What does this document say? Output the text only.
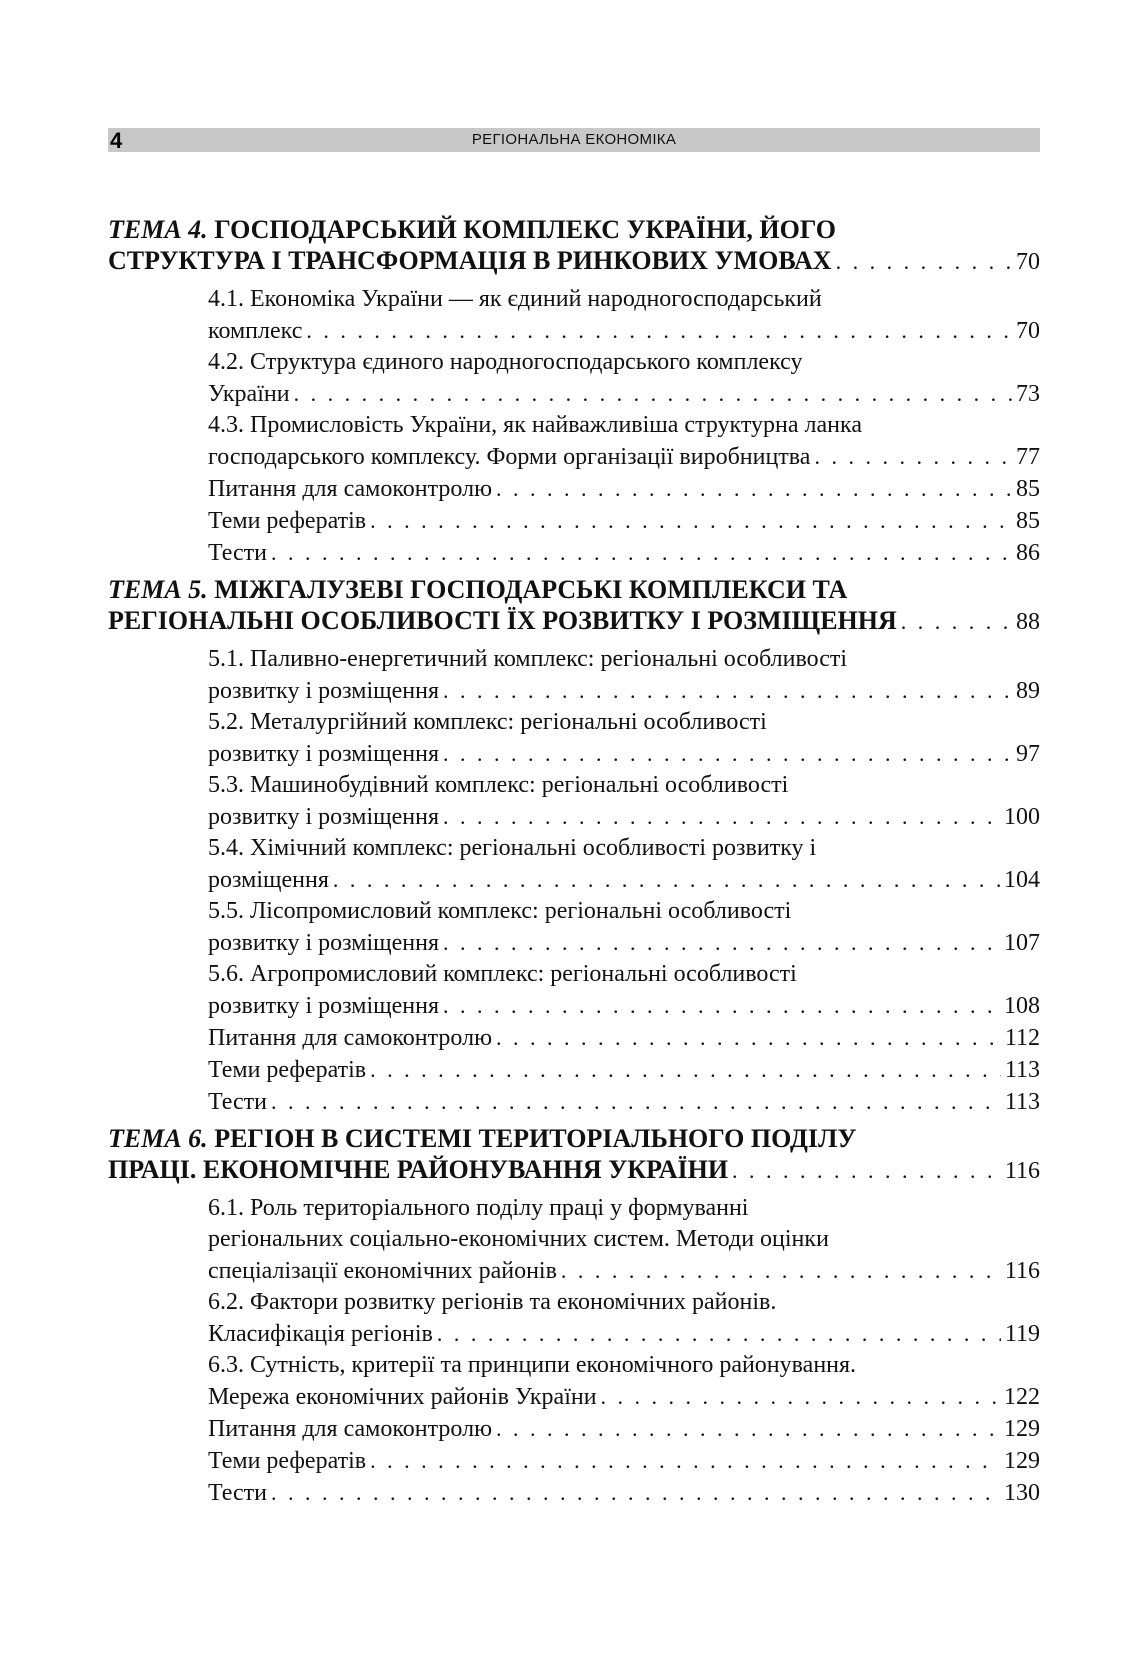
4	РЕГІОНАЛЬНА ЕКОНОМІКА
ТЕМА 4. ГОСПОДАРСЬКИЙ КОМПЛЕКС УКРАЇНИ, ЙОГО
СТРУКТУРА І ТРАНСФОРМАЦІЯ В РИНКОВИХ УМОВАХ . . .	70
4.1. Економіка України — як єдиний народногосподарський
комплекс . . .	70
4.2. Структура єдиного народногосподарського комплексу
України . . .	73
4.3. Промисловість України, як найважливіша структурна ланка
господарського комплексу. Форми організації виробництва . . .	77
Питання для самоконтролю . . .	85
Теми рефератів . . .	85
Тести . . .	86
ТЕМА 5. МІЖГАЛУЗЕВІ ГОСПОДАРСЬКІ КОМПЛЕКСИ ТА
РЕГІОНАЛЬНІ ОСОБЛИВОСТІ ЇХ РОЗВИТКУ І РОЗМІЩЕННЯ . . .	88
5.1. Паливно-енергетичний комплекс: регіональні особливості
розвитку і розміщення . . .	89
5.2. Металургійний комплекс: регіональні особливості
розвитку і розміщення . . .	97
5.3. Машинобудівний комплекс: регіональні особливості
розвитку і розміщення . . .	100
5.4. Хімічний комплекс: регіональні особливості розвитку і
розміщення . . .	104
5.5. Лісопромисловий комплекс: регіональні особливості
розвитку і розміщення . . .	107
5.6. Агропромисловий комплекс: регіональні особливості
розвитку і розміщення . . .	108
Питання для самоконтролю . . .	112
Теми рефератів . . .	113
Тести . . .	113
ТЕМА 6. РЕГІОН В СИСТЕМІ ТЕРИТОРІАЛЬНОГО ПОДІЛУ
ПРАЦІ. ЕКОНОМІЧНЕ РАЙОНУВАННЯ УКРАЇНИ . . .	116
6.1. Роль територіального поділу праці у формуванні
регіональних соціально-економічних систем. Методи оцінки
спеціалізації економічних районів . . .	116
6.2. Фактори розвитку регіонів та економічних районів.
Класифікація регіонів . . .	119
6.3. Сутність, критерії та принципи економічного районування.
Мережа економічних районів України . . .	122
Питання для самоконтролю . . .	129
Теми рефератів . . .	129
Тести . . .	130
